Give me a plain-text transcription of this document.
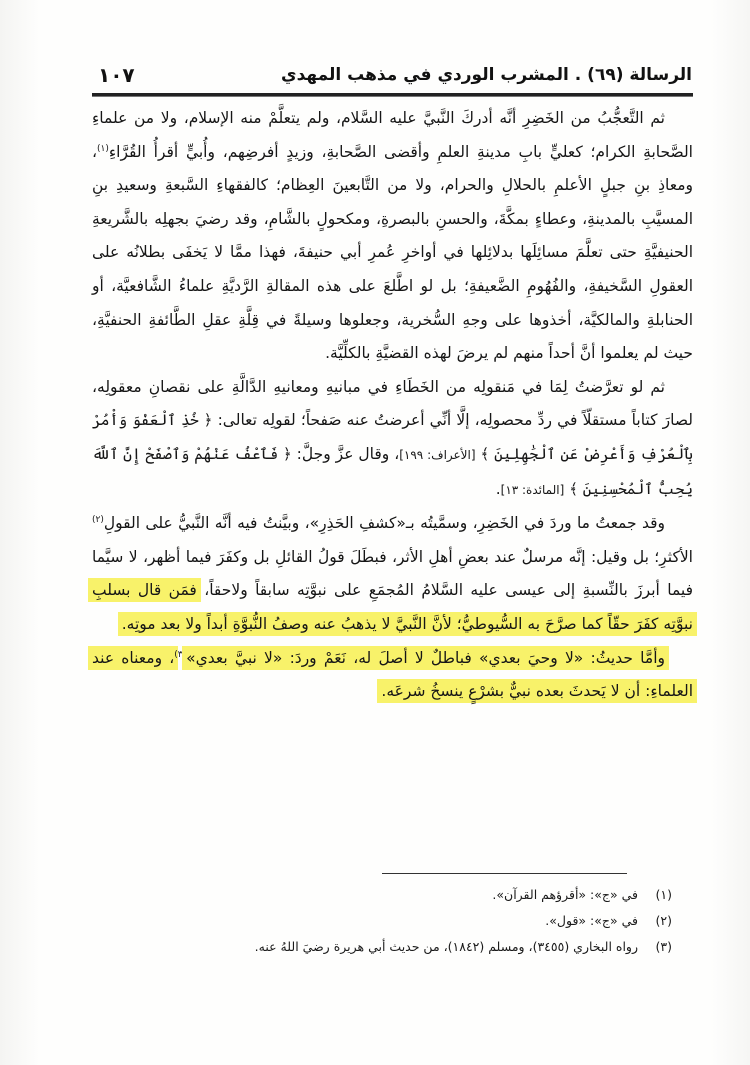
الرسالة (٦٩) . المشرب الوردي في مذهب المهدي
١٠٧

ثم التَّعجُّبُ من الخَضِرِ أنَّه أدركَ النَّبيَّ عليه السَّلام، ولم يتعلَّمْ منه الإسلام، ولا من علماءِ الصَّحابةِ الكرام؛ كعليٍّ بابِ مدينةِ العلمِ وأقضى الصَّحابةِ، وزيدٍ أفرضِهم، وأُبيٍّ أقرأُ القُرَّاءِ$^{(١)}$، ومعاذِ بنِ جبلٍ الأعلمِ بالحلالِ والحرام، ولا من التَّابعينَ العِظام؛ كالفقهاءِ السَّبعةِ وسعيدِ بنِ المسيَّبِ بالمدينةِ، وعطاءٍ بمكَّةَ، والحسنِ بالبصرةِ، ومكحولٍ بالشَّامِ، وقد رضيَ بجهلِه بالشَّريعةِ الحنيفيَّةِ حتى تعلَّمَ مسائِلَها بدلائِلها في أواخرِ عُمرِ أبي حنيفةَ، فهذا ممَّا لا يَخفَى بطلانُه على العقولِ السَّخيفةِ، والفُهُومِ الضَّعيفةِ؛ بل لو اطَّلعَ على هذه المقالةِ الرَّديَّةِ علماءُ الشَّافعيَّة، أو الحنابلةِ والمالكيَّة، أخذوها على وجهِ السُّخرية، وجعلوها وسيلةً في قِلَّةِ عقلِ الطَّائفةِ الحنفيَّةِ، حيث لم يعلموا أنَّ أحداً منهم لم يرضَ لهذه القضيَّةِ بالكلِّيَّة.

ثم لو تعرَّضتُ لِمَا في مَنقولِه من الخَطَاءِ في مبانيهِ ومعانيهِ الدَّالَّةِ على نقصانِ معقولِه، لصارَ كتاباً مستقلّاً في ردِّ محصولِه، إلَّا أنِّي أعرضتُ عنه صَفحاً؛ لقولِه تعالى: ﴿ خُذِ ٱلْعَفْوَ وَأْمُرْ بِٱلْعُرْفِ وَأَعْرِضْ عَنِ ٱلْجَٰهِلِينَ ﴾ [الأعراف: ١٩٩]، وقال عزَّ وجلَّ: ﴿ فَٱعْفُ عَنْهُمْ وَٱصْفَحْ إِنَّ ٱللَّهَ يُحِبُّ ٱلْمُحْسِنِينَ ﴾ [المائدة: ١٣].

وقد جمعتُ ما وردَ في الخَضِرِ، وسمَّيتُه بـ«كشفِ الحَذِرِ»، وبيَّنتُ فيه أنَّه النَّبيُّ على القولِ$^{(٢)}$ الأكثرِ؛ بل وقيل: إنَّه مرسلٌ عند بعضِ أهلِ الأثر، فبطَلَ قولُ القائلِ بل وكفَرَ فيما أظهر، لا سيَّما فيما أبرزَ بالنِّسبةِ إلى عيسى عليه السَّلامُ المُجمَعِ على نبوَّتِه سابقاً ولاحقاً، فمَن قال بسلبِ نبوَّتِه كفَرَ حقّاً كما صرَّحَ به السُّيوطيُّ؛ لأنَّ النَّبيَّ لا يذهبُ عنه وصفُ النُّبوَّةِ أبداً ولا بعد موتِه.

وأمَّا حديثُ: «لا وحيَ بعدي» فباطلٌ لا أصلَ له، نَعَمْ وردَ: «لا نبيَّ بعدي»$^{(٣)}$، ومعناه عند العلماءِ: أن لا يَحدثَ بعده نبيٌّ بشرْعٍ ينسخُ شرعَه.

(١)
في «ج»: «أقرؤهم القرآن».
(٢)
في «ج»: «قول».
(٣)
رواه البخاري (٣٤٥٥)، ومسلم (١٨٤٢)، من حديث أبي هريرة رضيَ اللهُ عنه.
